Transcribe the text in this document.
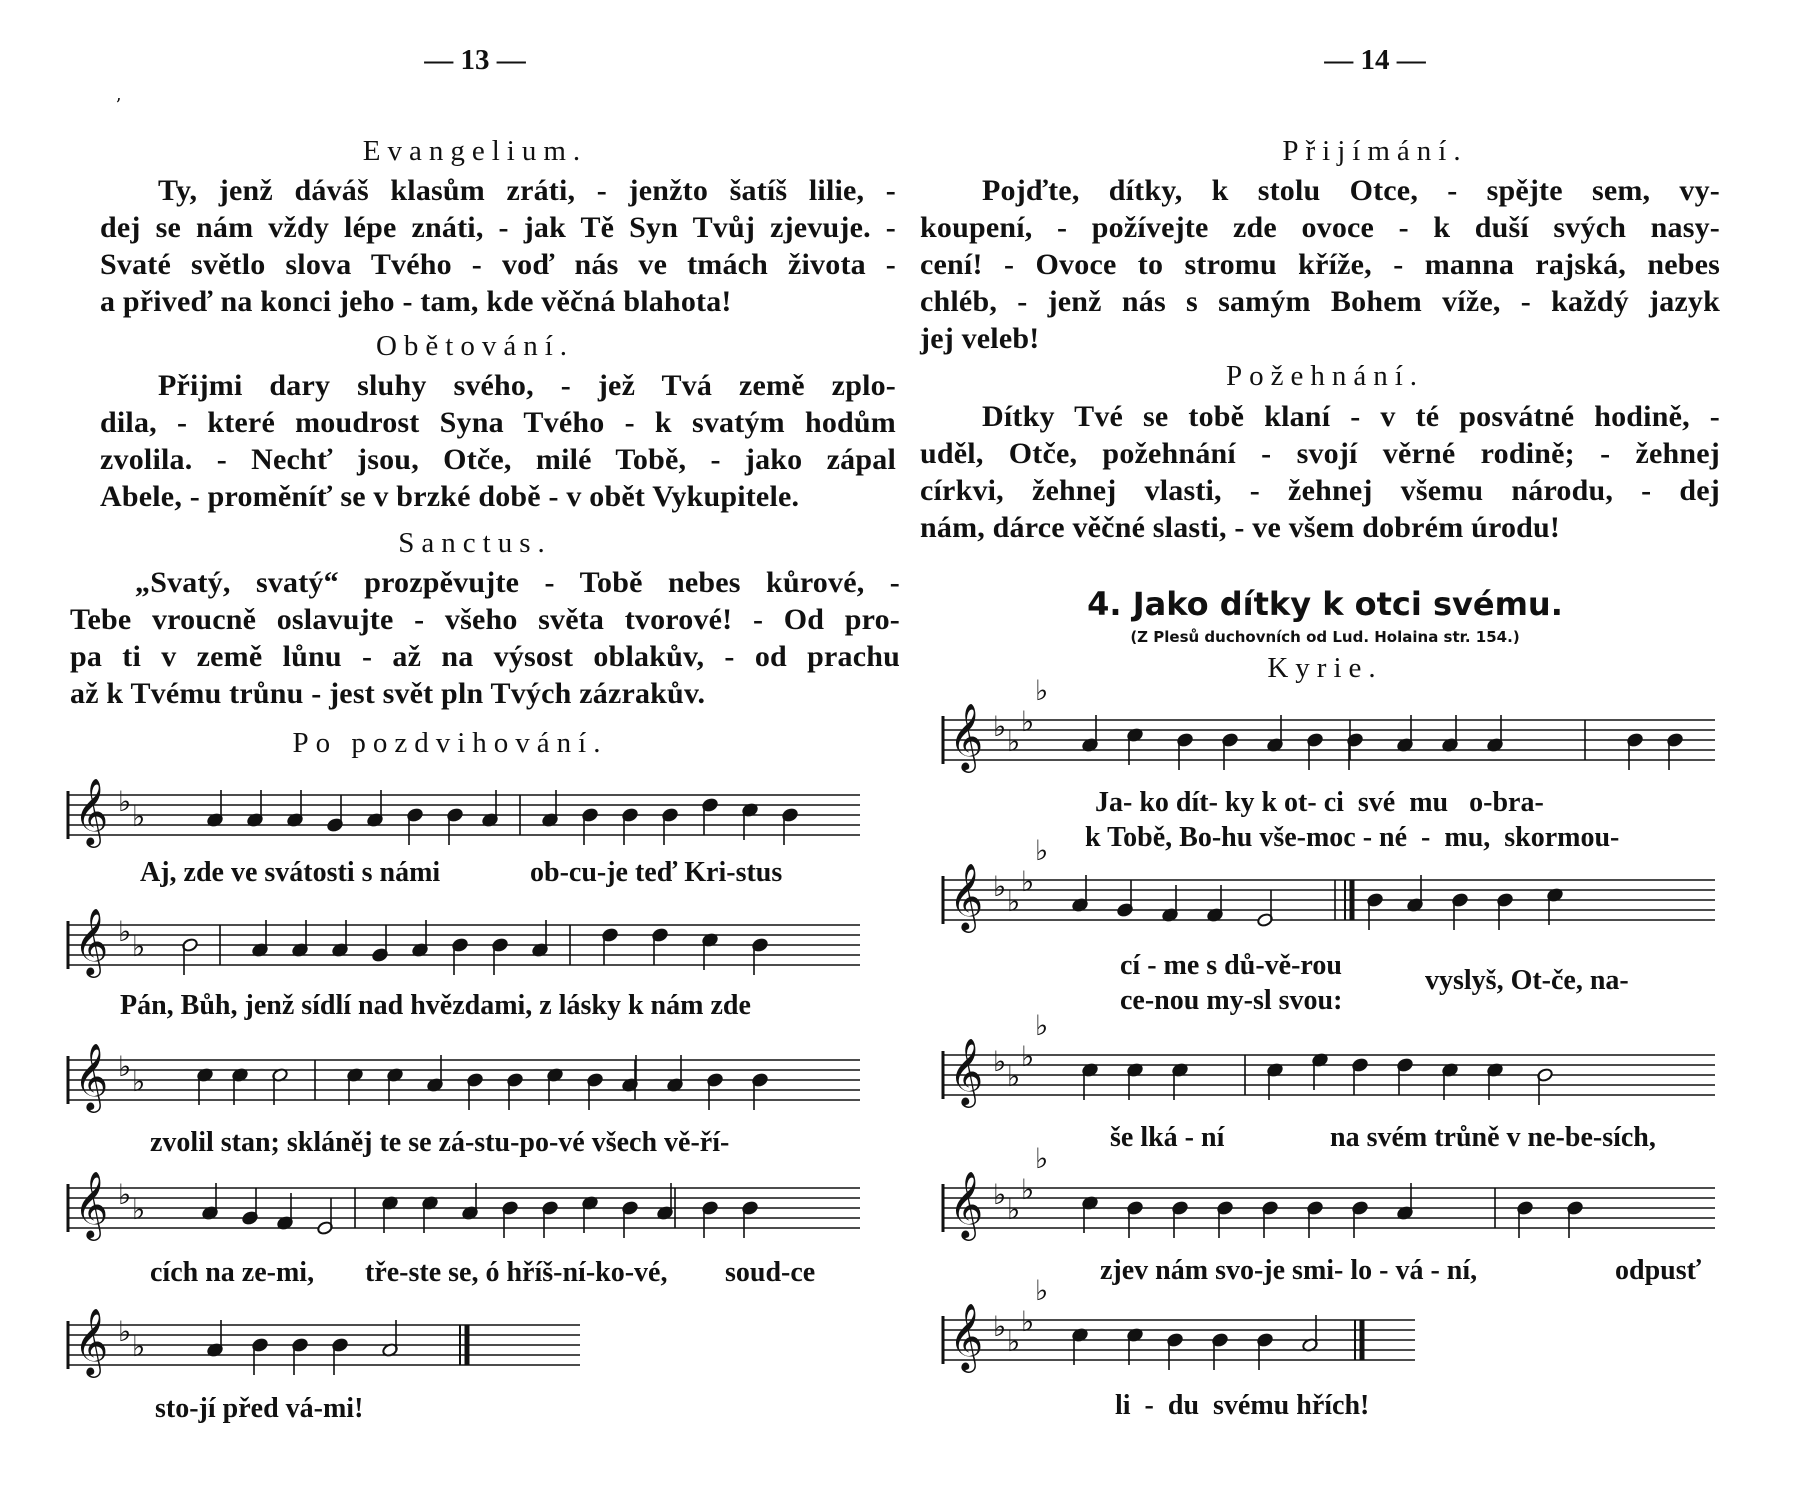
— 13 —
ʼ
Evangelium.
Ty, jenž dáváš klasům zráti, - jenžto šatíš lilie, -
dej se nám vždy lépe znáti, - jak Tě Syn Tvůj zjevuje. -
Svaté světlo slova Tvého - voď nás ve tmách života -
a přiveď na konci jeho - tam, kde věčná blahota!
Obětování.
Přijmi dary sluhy svého, - jež Tvá země zplo-
dila, - které moudrost Syna Tvého - k svatým hodům
zvolila. - Nechť jsou, Otče, milé Tobě, - jako zápal
Abele, - proměníť se v brzké době - v obět Vykupitele.
Sanctus.
„Svatý, svatý“ prozpěvujte - Tobě nebes kůrové, -
Tebe vroucně oslavujte - všeho světa tvorové! - Od pro-
pa ti v země lůnu - až na výsost oblakův, - od prachu
až k Tvému trůnu - jest svět pln Tvých zázrakův.
Po pozdvihování.
𝄞 ♭ ♭
Aj, zde ve svátosti s námi	ob-cu-je teď Kri-stus
𝄞 ♭ ♭
Pán, Bůh, jenž sídlí nad hvězdami, z lásky k nám zde
𝄞 ♭ ♭
zvolil stan; skláněj te se zá-stu-po-vé všech vě-ří-
𝄞 ♭ ♭
cích na ze-mi, tře-ste se, ó hříš-ní-ko-vé, soud-ce
𝄞 ♭ ♭
sto-jí před vá-mi!
— 14 —
Přijímání.
Pojďte, dítky, k stolu Otce, - spějte sem, vy-
koupení, - požívejte zde ovoce - k duší svých nasy-
cení! - Ovoce to stromu kříže, - manna rajská, nebes
chléb, - jenž nás s samým Bohem víže, - každý jazyk
jej veleb!
Požehnání.
Dítky Tvé se tobě klaní - v té posvátné hodině, -
uděl, Otče, požehnání - svojí věrné rodině; - žehnej
církvi, žehnej vlasti, - žehnej všemu národu, - dej
nám, dárce věčné slasti, - ve všem dobrém úrodu!
4. Jako dítky k otci svému.
(Z Plesů duchovních od Lud. Holaina str. 154.)
Kyrie.
𝄞 ♭ ♭
♭
♭
Ja- ko dít- ky k ot- ci  své  mu   o-bra-
k Tobě, Bo-hu vše-moc - né  -  mu,  skormou-
𝄞 ♭ ♭
♭
♭
cí - me s dů-vě-rou
ce-nou my-sl svou:
vyslyš, Ot-če, na-
𝄞 ♭ ♭
♭
♭
še lká - ní	na svém trůně v ne-be-sích,
𝄞 ♭ ♭
♭
♭
zjev nám svo-je smi- lo - vá - ní,	odpusť
𝄞 ♭ ♭
♭
♭
li  -  du  svému hřích!
